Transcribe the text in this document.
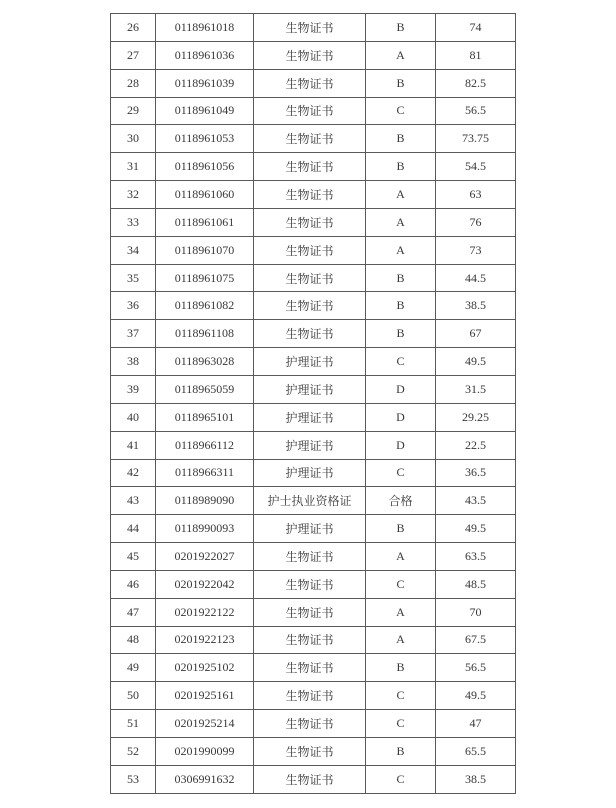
26	0118961018	生物证书	B	74
27	0118961036	生物证书	A	81
28	0118961039	生物证书	B	82.5
29	0118961049	生物证书	C	56.5
30	0118961053	生物证书	B	73.75
31	0118961056	生物证书	B	54.5
32	0118961060	生物证书	A	63
33	0118961061	生物证书	A	76
34	0118961070	生物证书	A	73
35	0118961075	生物证书	B	44.5
36	0118961082	生物证书	B	38.5
37	0118961108	生物证书	B	67
38	0118963028	护理证书	C	49.5
39	0118965059	护理证书	D	31.5
40	0118965101	护理证书	D	29.25
41	0118966112	护理证书	D	22.5
42	0118966311	护理证书	C	36.5
43	0118989090	护士执业资格证	合格	43.5
44	0118990093	护理证书	B	49.5
45	0201922027	生物证书	A	63.5
46	0201922042	生物证书	C	48.5
47	0201922122	生物证书	A	70
48	0201922123	生物证书	A	67.5
49	0201925102	生物证书	B	56.5
50	0201925161	生物证书	C	49.5
51	0201925214	生物证书	C	47
52	0201990099	生物证书	B	65.5
53	0306991632	生物证书	C	38.5
